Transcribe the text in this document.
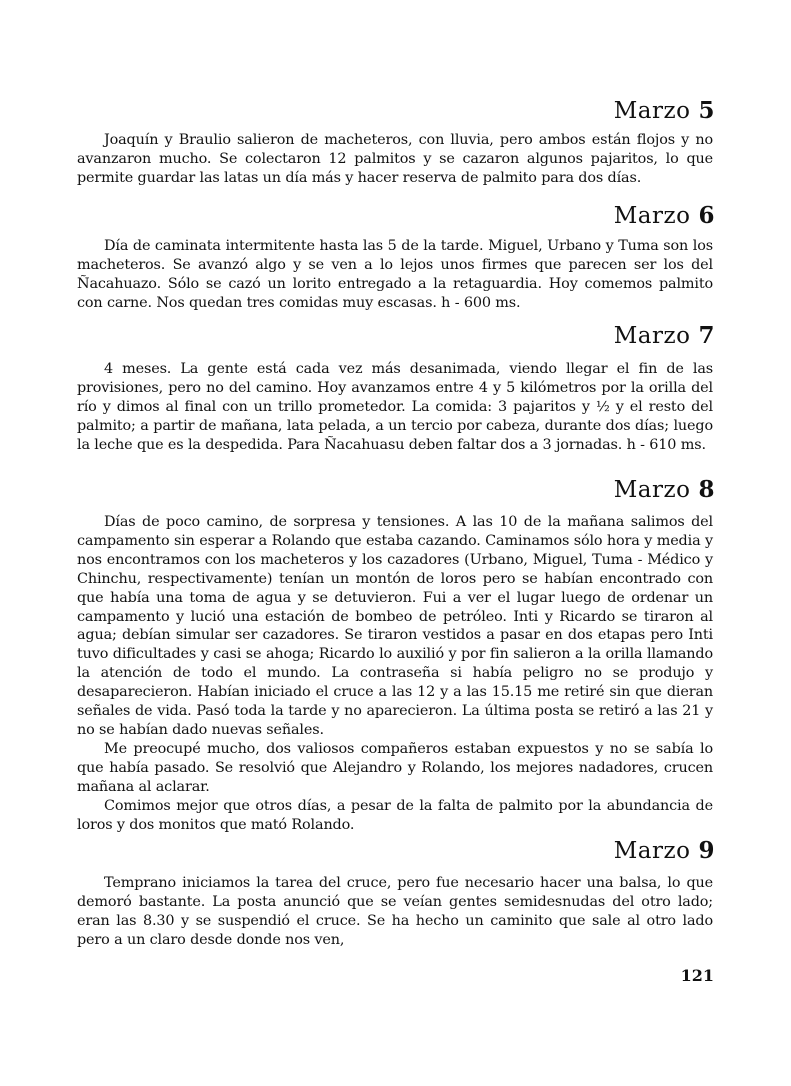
Marzo 5

Joaquín y Braulio salieron de macheteros, con lluvia, pero ambos están flojos y no avanzaron mucho. Se colectaron 12 palmitos y se cazaron algunos pajaritos, lo que permite guardar las latas un día más y hacer reserva de palmito para dos días.

Marzo 6

Día de caminata intermitente hasta las 5 de la tarde. Miguel, Urbano y Tuma son los macheteros. Se avanzó algo y se ven a lo lejos unos firmes que parecen ser los del Ñacahuazo. Sólo se cazó un lorito entregado a la retaguardia. Hoy comemos palmito con carne. Nos quedan tres comidas muy escasas. h - 600 ms.

Marzo 7

4 meses. La gente está cada vez más desanimada, viendo llegar el fin de las provisiones, pero no del camino. Hoy avanzamos entre 4 y 5 kilómetros por la orilla del río y dimos al final con un trillo prometedor. La comida: 3 pajaritos y ½ y el resto del palmito; a partir de mañana, lata pelada, a un tercio por cabeza, durante dos días; luego la leche que es la despedida. Para Ñacahuasu deben faltar dos a 3 jornadas. h - 610 ms.

Marzo 8

Días de poco camino, de sorpresa y tensiones. A las 10 de la mañana salimos del campamento sin esperar a Rolando que estaba cazando. Caminamos sólo hora y media y nos encontramos con los macheteros y los cazadores (Urbano, Miguel, Tuma - Médico y Chinchu, respectivamente) tenían un montón de loros pero se habían encontrado con que había una toma de agua y se detuvieron. Fui a ver el lugar luego de ordenar un campamento y lució una estación de bombeo de petróleo. Inti y Ricardo se tiraron al agua; debían simular ser cazadores. Se tiraron vestidos a pasar en dos etapas pero Inti tuvo dificultades y casi se ahoga; Ricardo lo auxilió y por fin salieron a la orilla llamando la atención de todo el mundo. La contraseña si había peligro no se produjo y desaparecieron. Habían iniciado el cruce a las 12 y a las 15.15 me retiré sin que dieran señales de vida. Pasó toda la tarde y no aparecieron. La última posta se retiró a las 21 y no se habían dado nuevas señales.

Me preocupé mucho, dos valiosos compañeros estaban expuestos y no se sabía lo que había pasado. Se resolvió que Alejandro y Rolando, los mejores nadadores, crucen mañana al aclarar.

Comimos mejor que otros días, a pesar de la falta de palmito por la abundancia de loros y dos monitos que mató Rolando.

Marzo 9

Temprano iniciamos la tarea del cruce, pero fue necesario hacer una balsa, lo que demoró bastante. La posta anunció que se veían gentes semidesnudas del otro lado; eran las 8.30 y se suspendió el cruce. Se ha hecho un caminito que sale al otro lado pero a un claro desde donde nos ven,

121
